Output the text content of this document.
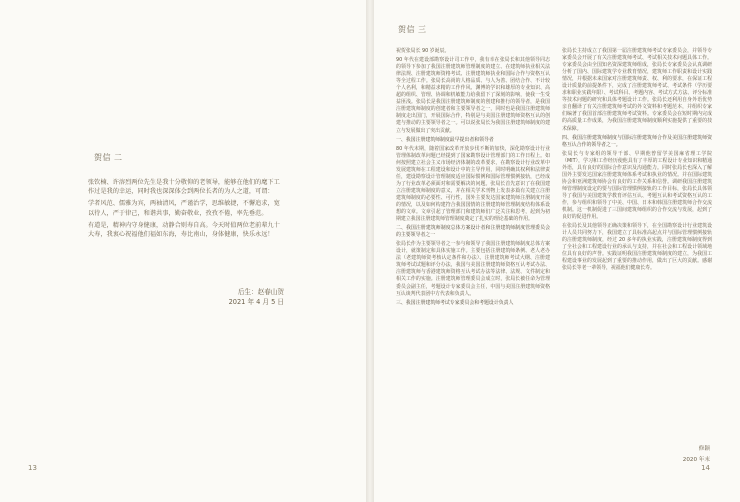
贺信 二

张钦楠、许溶烈两位先生是我十分敬仰的老领导，能够在他们的麾下工作过是我的幸运，同时我也深深体会到两位长者的为人之道，可谓：

学者风范、儒雅为宾，两袖清风，严谨治学，思维敏捷，不懈追求，宽以待人，严于律己，和谐共事，勤奋敬业，孜孜不倦，率先垂范。

有道是，精神内守身健康，动静合则寿自高。今天时值两位老前辈九十大寿，我衷心祝福他们福如东海，寿比南山，身体健康，快乐永远！

后生：赵春山贺
2021 年 4 月 5 日
13
贺信 三

祝贺张局长 90 岁诞辰。

90 年代在建设部勘察设计司工作中，我有幸在张局长和其他领导同志的领导下参加了我国注册建筑师管理制度的建立、在建筑师执业相关法律法规、注册建筑师资格考试、注册建筑师执业和国际合作与资格互认等全过程工作。张局长高尚的人格品质、与人为善、团结合作、不计较个人名利，和精益求精的工作作风、渊博的学识和雄厚的专业知识、高超的组织、管理、协调和机敏能力给我留下了深刻的影响，使我一生受益匪浅。张局长是我国注册建筑师制度的创建和推行的领导者，是我国注册建筑师制度的创建者和主要领导者之一，同时也是我国注册建筑师制度走出国门，开展国际合作，特别是与美国注册建筑师资格互认的创建与推动的主要领导者之一。可以说张局长为我国注册建筑师制度的建立与发展做出了突出贡献。

一、我国注册建筑师制度最早提出者和领导者

80 年代末期，随着国家改革开放步伐不断的加快，深化勘察设计行业管理体制改革问题已经提到了国家勘察设计管理部门的工作日程上。如何按照建立社会主义市场经济体制的改革要求，在勘察设计行业改革中发展建筑师在工程建设和设计中的主导作用，同时明确其权利和法律责任，建设勘察设计管理制度适应国际惯例和国际管理惯例接轨，已经成为了行业改革必须面对和需要解决的问题。张局长首先意识了在我国建立注册建筑师制度的意义，并在相关学术刊物上发表多篇有关建立注册建筑师制度的必要性、可行性，国外主要发达国家建筑师注册制度开展的情况，以及如何构建符合我国国情的注册建筑师管理制度结构体系设想的文章。文章引起了管理部门和建筑师们广泛关注和思考，起到为初期建立我国注册建筑师管理制度奠定了扎实的理论基础的作用。

二、我国注册建筑师制度总体方案设计者和注册建筑师制度管理委员会的主要领导者之一

张局长作为主要领导者之一参与和领导了我国注册建筑师制度总体方案设计，就策制定和具体实施工作。主要包括注册建筑师条例、老人老办法（老建筑师资考核认定条件和办法）、注册建筑师考试大纲、注册建筑师考试试题和评分办法，我国与美国注册建筑师资格互认考试办法、注册建筑师与香港建筑师资格互认考试办法等法律、法规、文件制定和相关工作的实施。注册建筑师管理委员会成立时，张局长被任命为管理委员会副主任，考题设计专家委员会主任，中国与美国注册建筑师资格互认谈判代表团中方代表和负责人。

三、我国注册建筑师考试专家委员会和考题设计负责人

张局长主持成立了我国第一届注册建筑师考试专家委员会，并领导专家委员会开展了有关注册建筑师考试、考试相关技术问题具体工作。专家委员会由全国知名资深建筑师组成，张局长专家委员会认真调研分析了国内、国际建筑学专业教育情况，建筑师工作职责和设计实践情况，并根据未来国家对注册建筑师责、权、利的要求，在保证工程设计质量的前提条件下，完成了注册建筑师考试、考试条件（学历要求和职业实践年限）、考试科目、考题内容、考试方式方法、评分标准等技术问题的研究和具体考题设计工作。张局长还利用自身外语优势亲自翻译了有关注册建筑师考试的外文资料和考题范本，并组织专家们编著了我国首部注册建筑师考试资料。专家委员会在短时期内完成的高质量工作成果，为我国注册建筑师制度顺利实施提供了重要的技术保障。

四、我国注册建筑师制度与国际注册建筑师合作及美国注册建筑师资格互认合作的领导者之一。

张局长与专家组的领导干部、早期他曾留学美国麻省理工学院（MIT），学习和工作经历使他具有了丰厚的工程设计专业知识和精通外语，具有良好的国际合作意识及沟通能力。同时张局长也深入了解国外主要发达国家注册建筑师体系考试和执业的情况。并在国际建筑协会和亚洲建筑师协会有良好的工作关系和信誉。调研我国注册建筑师管理制度设定的要与国际管理惯例接轨的工作目标，张局长具体领导了我国与美国建筑学教育评估互认、考题互认和考试资格互认的工作，参与组织和领导了中美、中国、日本和韩国注册建筑师合作交流机制。这一机制促进了三国间建筑师组织的合作交流与发展，起到了良好的促进作用。

在张局长及其他领导正确决策和领导下，在全国勘察设计行业建筑设计人员共同努力下，我国建立了具标准高起点并与国际管理惯例接轨的注册建筑师制度，经过 20 多年的执业实践，注册建筑师制度得到了全社会和工程建设行业的承认与支持，并在社会和工程设计领域地位具有良好的声誉。实践证明我国注册建筑师制度的建立，为我国工程建设事业的发展起到了重要的推动作用，做出了巨大的贡献。感谢张局长等老一辈领导，祝福他们健康长寿。

修颖
2020 年末
14
